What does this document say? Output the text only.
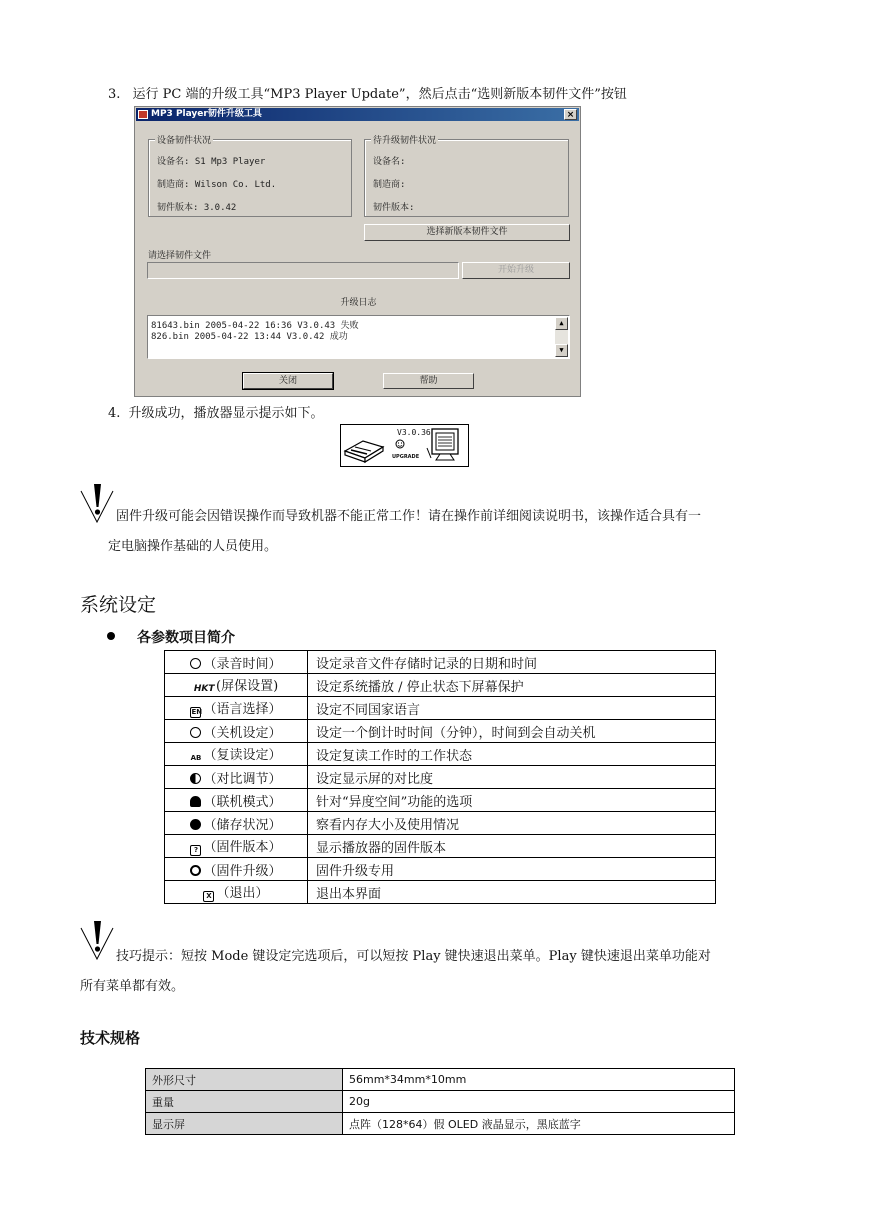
3. 运行 PC 端的升级工具“MP3 Player Update”，然后点击“选则新版本韧件文件”按钮
MP3 Player韧件升级工具	×
设备韧件状况
设备名: S1 Mp3 Player
制造商: Wilson Co. Ltd.
韧件版本: 3.0.42
待升级韧件状况
设备名:
制造商:
韧件版本:
选择新版本韧件文件
请选择韧件文件
开始升级
升级日志
81643.bin 2005-04-22 16:36 V3.0.43 失败
826.bin 2005-04-22 13:44 V3.0.42 成功
▲
▼
关闭	帮助
4. 升级成功，播放器显示提示如下。
V3.0.36
UPGRADE
固件升级可能会因错误操作而导致机器不能正常工作！请在操作前详细阅读说明书，该操作适合具有一
定电脑操作基础的人员使用。
系统设定
各参数项目简介
（录音时间）	设定录音文件存储时记录的日期和时间
HKT (屏保设置)	设定系统播放 / 停止状态下屏幕保护
EN（语言选择）	设定不同国家语言
（关机设定）	设定一个倒计时时间（分钟），时间到会自动关机
AB （复读设定）	设定复读工作时的工作状态
（对比调节）	设定显示屏的对比度
（联机模式）	针对“异度空间”功能的选项
（储存状况）	察看内存大小及使用情况
? （固件版本）	显示播放器的固件版本
（固件升级）	固件升级专用
X （退出）	退出本界面
技巧提示：短按 Mode 键设定完选项后，可以短按 Play 键快速退出菜单。Play 键快速退出菜单功能对
所有菜单都有效。
技术规格
外形尺寸	56mm*34mm*10mm
重量	20g
显示屏	点阵（128*64）假 OLED 液晶显示，黑底蓝字
